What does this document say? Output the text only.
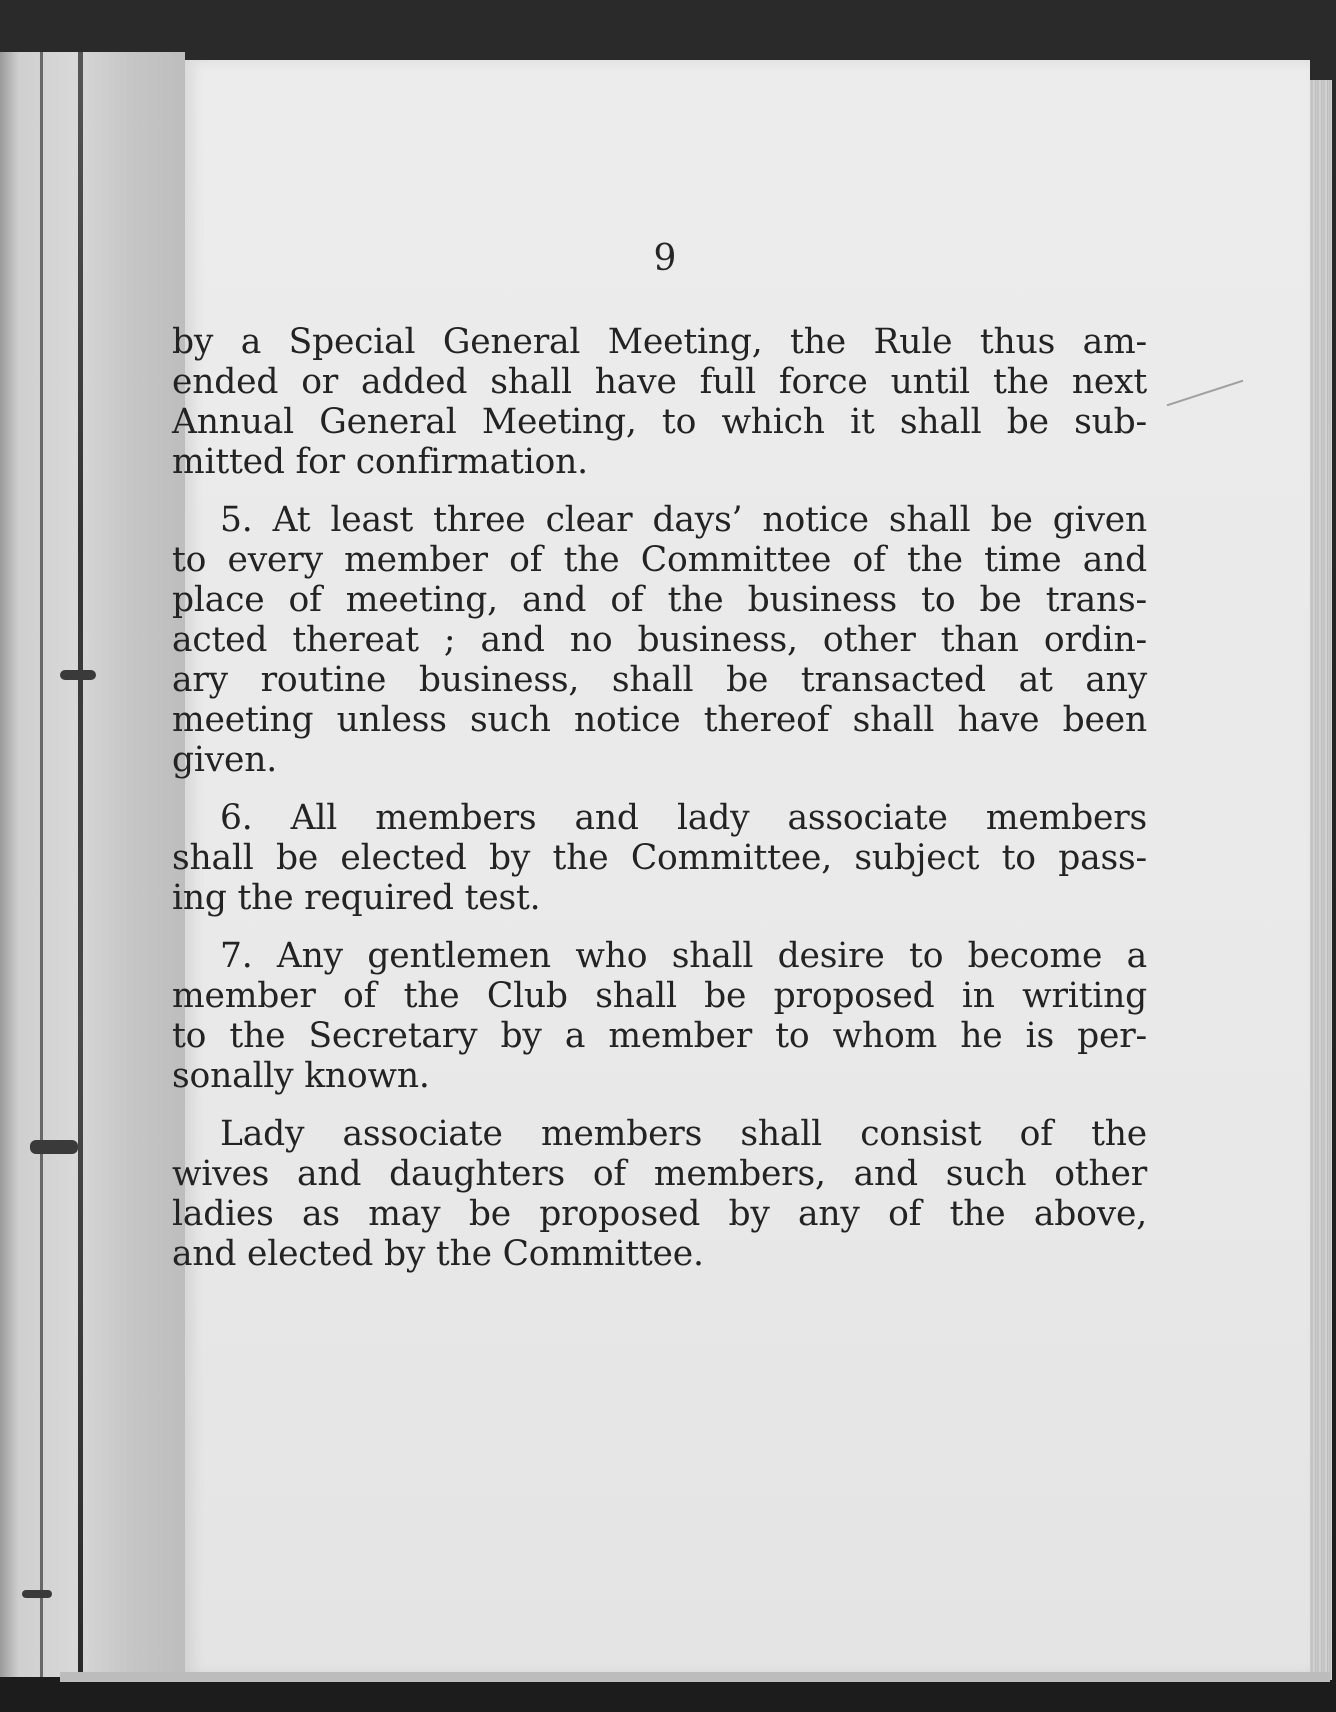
9
by a Special General Meeting, the Rule thus am-
ended or added shall have full force until the next
Annual General Meeting, to which it shall be sub-
mitted for confirmation.
5. At least three clear days’ notice shall be given
to every member of the Committee of the time and
place of meeting, and of the business to be trans-
acted thereat ; and no business, other than ordin-
ary routine business, shall be transacted at any
meeting unless such notice thereof shall have been
given.
6. All members and lady associate members
shall be elected by the Committee, subject to pass-
ing the required test.
7. Any gentlemen who shall desire to become a
member of the Club shall be proposed in writing
to the Secretary by a member to whom he is per-
sonally known.
Lady associate members shall consist of the
wives and daughters of members, and such other
ladies as may be proposed by any of the above,
and elected by the Committee.
